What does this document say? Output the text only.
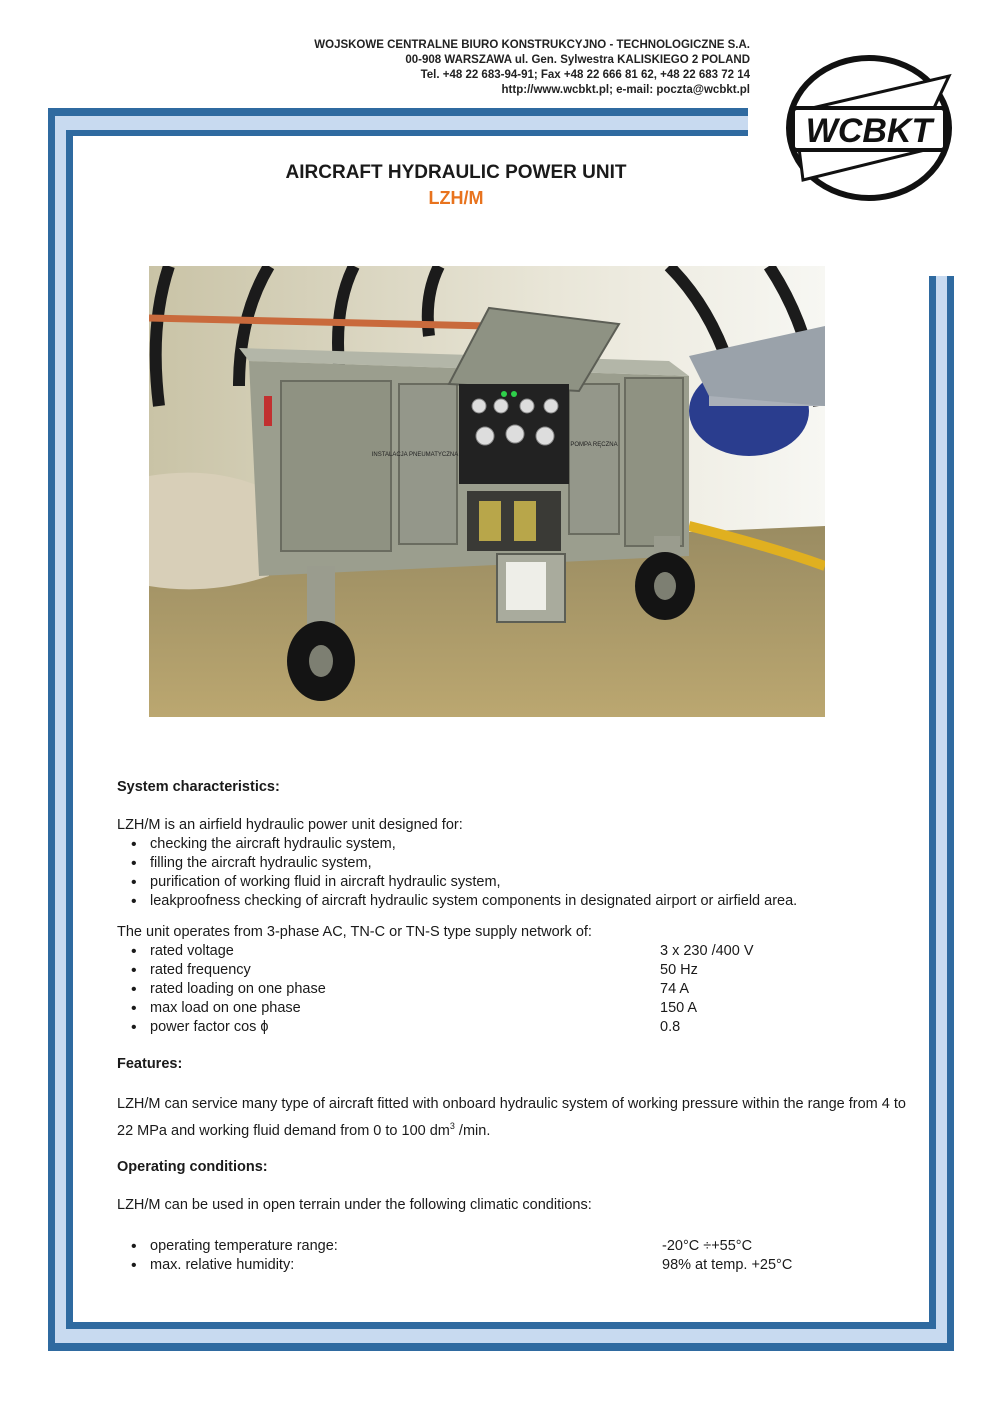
WOJSKOWE CENTRALNE BIURO KONSTRUKCYJNO - TECHNOLOGICZNE S.A.
00-908 WARSZAWA ul. Gen. Sylwestra KALISKIEGO 2 POLAND
Tel. +48 22 683-94-91; Fax +48 22 666 81 62, +48 22 683 72 14
http://www.wcbkt.pl; e-mail: poczta@wcbkt.pl
WCBKT
AIRCRAFT HYDRAULIC POWER UNIT
LZH/M
INSTALACJA PNEUMATYCZNA
POMPA RĘCZNA

System characteristics:

LZH/M is an airfield hydraulic power unit designed for:

• checking the aircraft hydraulic system,
• filling the aircraft hydraulic system,
• purification of working fluid in aircraft hydraulic system,
• leakproofness checking of aircraft hydraulic system components in designated airport or airfield area.

The unit operates from 3-phase AC, TN-C or TN-S type supply network of:

• rated voltage	3 x 230 /400 V
• rated frequency	50 Hz
• rated loading on one phase	74 A
• max load on one phase	150 A
• power factor cos ϕ	0.8

Features:

LZH/M can service many type of aircraft fitted with onboard hydraulic system of working pressure within the range from 4 to 22 MPa and working fluid demand from 0 to 100 $dm^3$ /min.

Operating conditions:

LZH/M can be used in open terrain under the following climatic conditions:

• operating temperature range:	-20°C ÷+55°C
• max. relative humidity:	98% at temp. +25°C
